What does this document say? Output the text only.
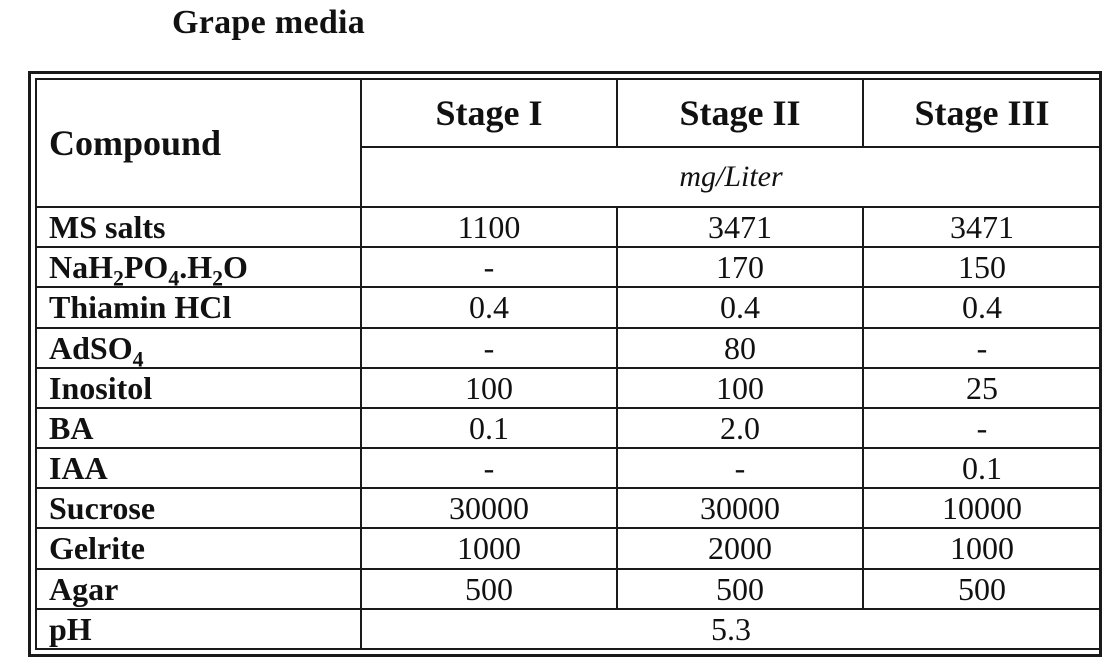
Grape media
Compound	Stage I	Stage II	Stage III
	mg/Liter		
MS salts	1100	3471	3471
$NaH_2PO_4.H_2O$	-	170	150
Thiamin HCl	0.4	0.4	0.4
AdSO$_4$	-	80	-
Inositol	100	100	25
BA	0.1	2.0	-
IAA	-	-	0.1
Sucrose	30000	30000	10000
Gelrite	1000	2000	1000
Agar	500	500	500
pH	5.3		
